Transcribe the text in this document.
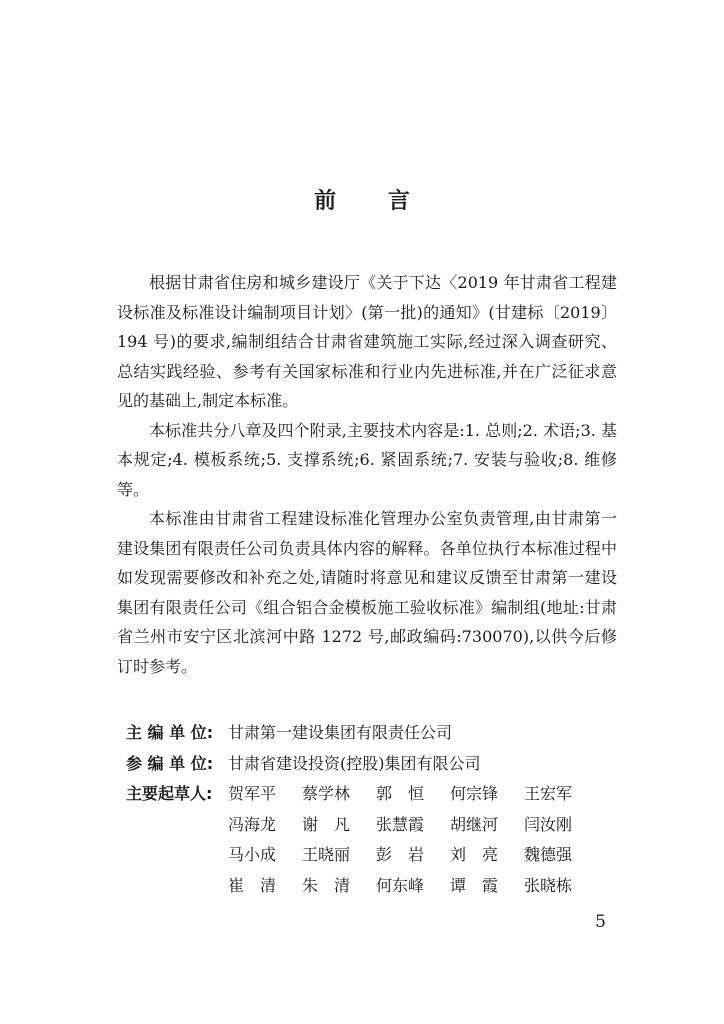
前 言

根据甘肃省住房和城乡建设厅《关于下达〈2019 年甘肃省工程建设标准及标准设计编制项目计划〉(第一批)的通知》(甘建标〔2019〕194 号)的要求,编制组结合甘肃省建筑施工实际,经过深入调查研究、总结实践经验、参考有关国家标准和行业内先进标准,并在广泛征求意见的基础上,制定本标准。

本标准共分八章及四个附录,主要技术内容是:1. 总则;2. 术语;3. 基本规定;4. 模板系统;5. 支撑系统;6. 紧固系统;7. 安装与验收;8. 维修等。

本标准由甘肃省工程建设标准化管理办公室负责管理,由甘肃第一建设集团有限责任公司负责具体内容的解释。各单位执行本标准过程中如发现需要修改和补充之处,请随时将意见和建议反馈至甘肃第一建设集团有限责任公司《组合铝合金模板施工验收标准》编制组(地址:甘肃省兰州市安宁区北滨河中路 1272 号,邮政编码:730070),以供今后修订时参考。

主 编 单 位: 甘肃第一建设集团有限责任公司
参 编 单 位: 甘肃省建设投资(控股)集团有限公司
主要起草人: 贺军平	蔡学林	郭　恒	何宗锋	王宏军
冯海龙	谢　凡	张慧霞	胡继河	闫汝刚
马小成	王晓丽	彭　岩	刘　亮	魏德强
崔　清	朱　清	何东峰	谭　霞	张晓栋
5
